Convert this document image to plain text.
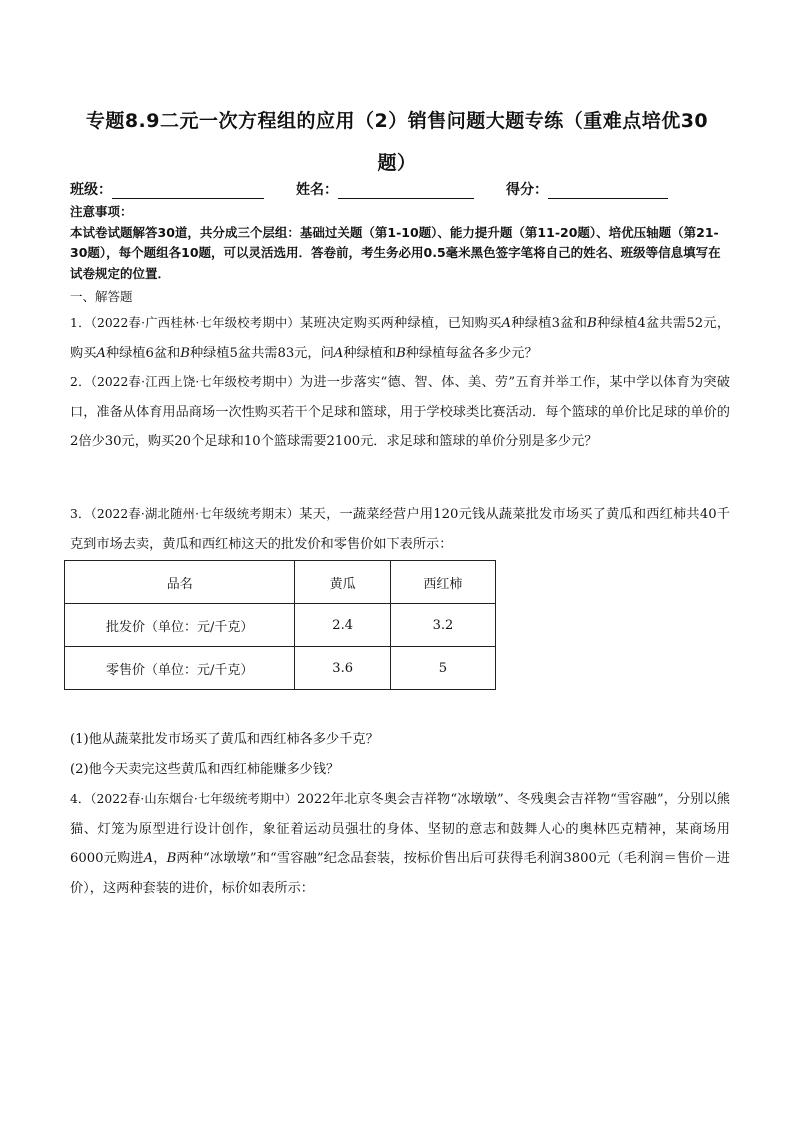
专题8.9二元一次方程组的应用（2）销售问题大题专练（重难点培优30
题）
班级：	姓名：	得分：

注意事项：

本试卷试题解答30道，共分成三个层组：基础过关题（第1-10题）、能力提升题（第11-20题）、培优压轴题（第21-30题），每个题组各10题，可以灵活选用．答卷前，考生务必用0.5毫米黑色签字笔将自己的姓名、班级等信息填写在试卷规定的位置．

一、解答题

1．（2022春·广西桂林·七年级校考期中）某班决定购买两种绿植，已知购买A种绿植3盆和B种绿植4盆共需52元，购买A种绿植6盆和B种绿植5盆共需83元，问A种绿植和B种绿植每盆各多少元？

2．（2022春·江西上饶·七年级校考期中）为进一步落实“德、智、体、美、劳”五育并举工作，某中学以体育为突破口，准备从体育用品商场一次性购买若干个足球和篮球，用于学校球类比赛活动．每个篮球的单价比足球的单价的2倍少30元，购买20个足球和10个篮球需要2100元．求足球和篮球的单价分别是多少元？

3．（2022春·湖北随州·七年级统考期末）某天，一蔬菜经营户用120元钱从蔬菜批发市场买了黄瓜和西红柿共40千克到市场去卖，黄瓜和西红柿这天的批发价和零售价如下表所示：

品名	黄瓜	西红柿
批发价（单位：元/千克）	2.4	3.2
零售价（单位：元/千克）	3.6	5

(1)他从蔬菜批发市场买了黄瓜和西红柿各多少千克？

(2)他今天卖完这些黄瓜和西红柿能赚多少钱？

4．（2022春·山东烟台·七年级统考期中）2022年北京冬奥会吉祥物“冰墩墩”、冬残奥会吉祥物“雪容融”，分别以熊猫、灯笼为原型进行设计创作，象征着运动员强壮的身体、坚韧的意志和鼓舞人心的奥林匹克精神，某商场用6000元购进A，B两种“冰墩墩”和“雪容融”纪念品套装，按标价售出后可获得毛利润3800元（毛利润＝售价－进价），这两种套装的进价，标价如表所示：
